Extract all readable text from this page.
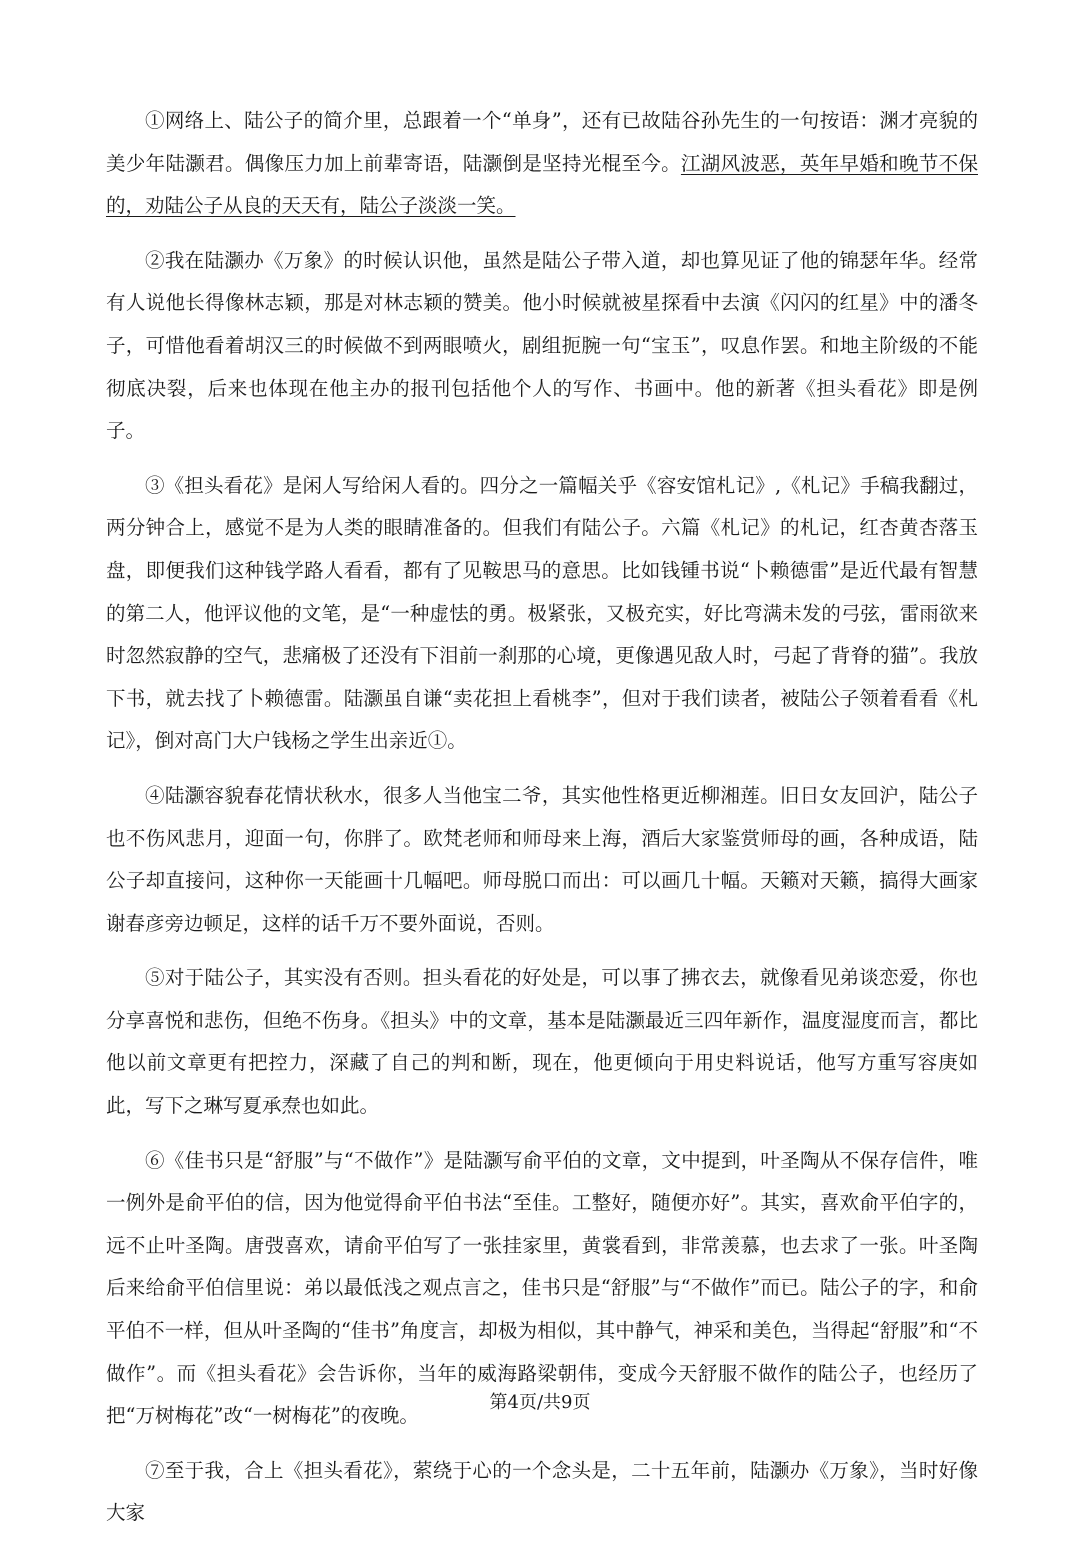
①网络上、陆公子的简介里，总跟着一个“单身”，还有已故陆谷孙先生的一句按语：渊才亮貌的美少年陆灏君。偶像压力加上前辈寄语，陆灏倒是坚持光棍至今。江湖风波恶，英年早婚和晚节不保的，劝陆公子从良的天天有，陆公子淡淡一笑。

②我在陆灏办《万象》的时候认识他，虽然是陆公子带入道，却也算见证了他的锦瑟年华。经常有人说他长得像林志颖，那是对林志颖的赞美。他小时候就被星探看中去演《闪闪的红星》中的潘冬子，可惜他看着胡汉三的时候做不到两眼喷火，剧组扼腕一句“宝玉”，叹息作罢。和地主阶级的不能彻底决裂，后来也体现在他主办的报刊包括他个人的写作、书画中。他的新著《担头看花》即是例子。

③《担头看花》是闲人写给闲人看的。四分之一篇幅关乎《容安馆札记》,《札记》手稿我翻过，两分钟合上，感觉不是为人类的眼睛准备的。但我们有陆公子。六篇《札记》的札记，红杏黄杏落玉盘，即便我们这种钱学路人看看，都有了见鞍思马的意思。比如钱锺书说“卜赖德雷”是近代最有智慧的第二人，他评议他的文笔，是“一种虚怯的勇。极紧张，又极充实，好比弯满未发的弓弦，雷雨欲来时忽然寂静的空气，悲痛极了还没有下泪前一刹那的心境，更像遇见敌人时，弓起了背脊的猫”。我放下书，就去找了卜赖德雷。陆灏虽自谦“卖花担上看桃李”，但对于我们读者，被陆公子领着看看《札记》，倒对高门大户钱杨之学生出亲近①。

④陆灏容貌春花情状秋水，很多人当他宝二爷，其实他性格更近柳湘莲。旧日女友回沪，陆公子也不伤风悲月，迎面一句，你胖了。欧梵老师和师母来上海，酒后大家鉴赏师母的画，各种成语，陆公子却直接问，这种你一天能画十几幅吧。师母脱口而出：可以画几十幅。天籁对天籁，搞得大画家谢春彦旁边顿足，这样的话千万不要外面说，否则。

⑤对于陆公子，其实没有否则。担头看花的好处是，可以事了拂衣去，就像看见弟谈恋爱，你也分享喜悦和悲伤，但绝不伤身。《担头》中的文章，基本是陆灏最近三四年新作，温度湿度而言，都比他以前文章更有把控力，深藏了自己的判和断，现在，他更倾向于用史料说话，他写方重写容庚如此，写下之琳写夏承焘也如此。

⑥《佳书只是“舒服”与“不做作”》是陆灏写俞平伯的文章，文中提到，叶圣陶从不保存信件，唯一例外是俞平伯的信，因为他觉得俞平伯书法“至佳。工整好，随便亦好”。其实，喜欢俞平伯字的，远不止叶圣陶。唐弢喜欢，请俞平伯写了一张挂家里，黄裳看到，非常羡慕，也去求了一张。叶圣陶后来给俞平伯信里说：弟以最低浅之观点言之，佳书只是“舒服”与“不做作”而已。陆公子的字，和俞平伯不一样，但从叶圣陶的“佳书”角度言，却极为相似，其中静气，神采和美色，当得起“舒服”和“不做作”。而《担头看花》会告诉你，当年的威海路梁朝伟，变成今天舒服不做作的陆公子，也经历了把“万树梅花”改“一树梅花”的夜晚。

⑦至于我，合上《担头看花》，萦绕于心的一个念头是，二十五年前，陆灏办《万象》，当时好像大家

第4页/共9页
